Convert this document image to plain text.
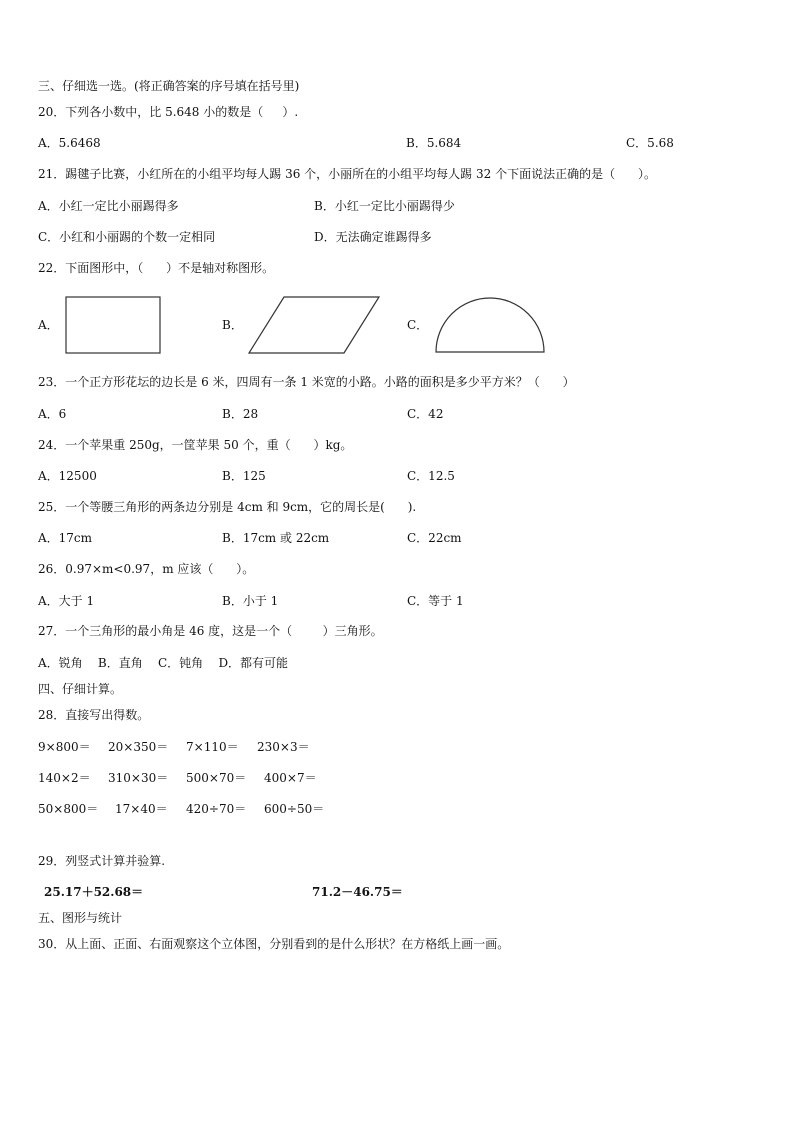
三、仔细选一选。(将正确答案的序号填在括号里)
20．下列各小数中，比 5.648 小的数是（     ）.
A．5.6468	B．5.684	C．5.68
21．踢毽子比赛，小红所在的小组平均每人踢 36 个，小丽所在的小组平均每人踢 32 个下面说法正确的是（      ）。
A．小红一定比小丽踢得多	B．小红一定比小丽踢得少
C．小红和小丽踢的个数一定相同	D．无法确定谁踢得多
22．下面图形中，（      ）不是轴对称图形。
A．	B．	C．
23．一个正方形花坛的边长是 6 米，四周有一条 1 米宽的小路。小路的面积是多少平方米？（      ）
A．6	B．28	C．42
24．一个苹果重 250g，一筐苹果 50 个，重（      ）kg。
A．12500	B．125	C．12.5
25．一个等腰三角形的两条边分别是 4cm 和 9cm，它的周长是(      ).
A．17cm	B．17cm 或 22cm	C．22cm
26．0.97×m<0.97，m 应该（      ）。
A．大于 1	B．小于 1	C．等于 1
27．一个三角形的最小角是 46 度，这是一个（        ）三角形。
A．锐角    B．直角    C．钝角    D．都有可能
四、仔细计算。
28．直接写出得数。
9×800＝ 20×350＝ 7×110＝ 230×3＝
140×2＝ 310×30＝ 500×70＝ 400×7＝
50×800＝ 17×40＝ 420÷70＝ 600÷50＝
29．列竖式计算并验算.
25.17＋52.68＝	71.2－46.75＝
五、图形与统计
30．从上面、正面、右面观察这个立体图，分别看到的是什么形状？在方格纸上画一画。
